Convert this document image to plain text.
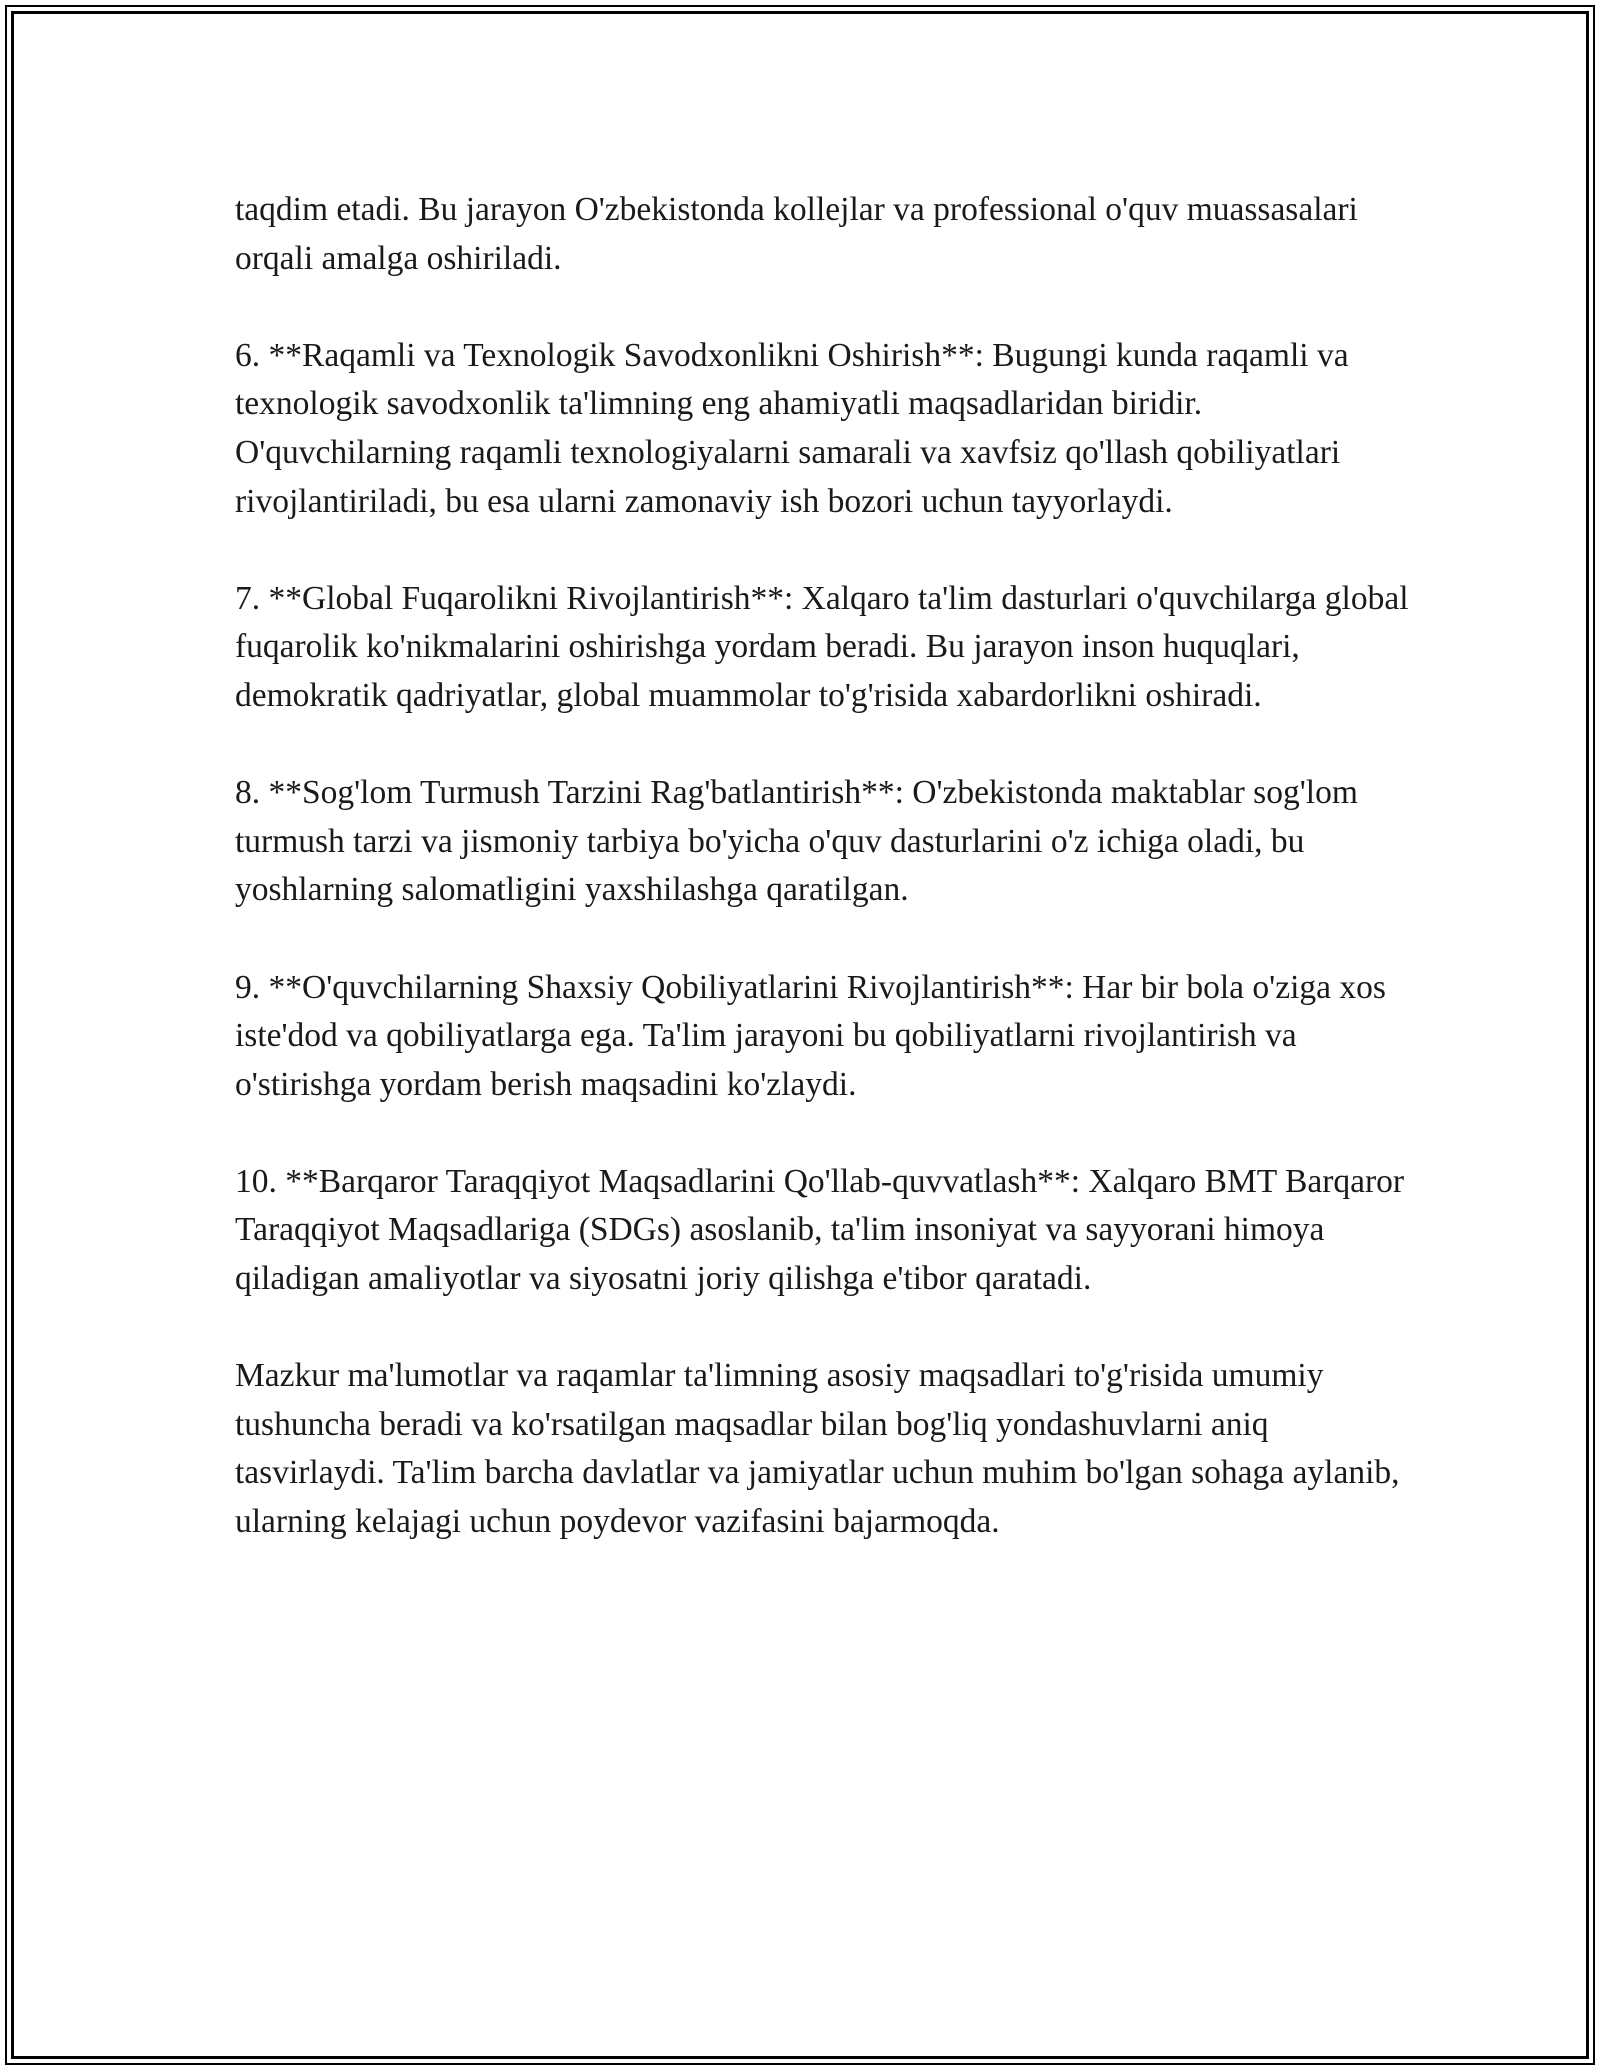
taqdim etadi. Bu jarayon O'zbekistonda kollejlar va professional o'quv muassasalari orqali amalga oshiriladi.

6. **Raqamli va Texnologik Savodxonlikni Oshirish**: Bugungi kunda raqamli va texnologik savodxonlik ta'limning eng ahamiyatli maqsadlaridan biridir. O'quvchilarning raqamli texnologiyalarni samarali va xavfsiz qo'llash qobiliyatlari rivojlantiriladi, bu esa ularni zamonaviy ish bozori uchun tayyorlaydi.

7. **Global Fuqarolikni Rivojlantirish**: Xalqaro ta'lim dasturlari o'quvchilarga global fuqarolik ko'nikmalarini oshirishga yordam beradi. Bu jarayon inson huquqlari, demokratik qadriyatlar, global muammolar to'g'risida xabardorlikni oshiradi.

8. **Sog'lom Turmush Tarzini Rag'batlantirish**: O'zbekistonda maktablar sog'lom turmush tarzi va jismoniy tarbiya bo'yicha o'quv dasturlarini o'z ichiga oladi, bu yoshlarning salomatligini yaxshilashga qaratilgan.

9. **O'quvchilarning Shaxsiy Qobiliyatlarini Rivojlantirish**: Har bir bola o'ziga xos iste'dod va qobiliyatlarga ega. Ta'lim jarayoni bu qobiliyatlarni rivojlantirish va o'stirishga yordam berish maqsadini ko'zlaydi.

10. **Barqaror Taraqqiyot Maqsadlarini Qo'llab-quvvatlash**: Xalqaro BMT Barqaror Taraqqiyot Maqsadlariga (SDGs) asoslanib, ta'lim insoniyat va sayyorani himoya qiladigan amaliyotlar va siyosatni joriy qilishga e'tibor qaratadi.

Mazkur ma'lumotlar va raqamlar ta'limning asosiy maqsadlari to'g'risida umumiy tushuncha beradi va ko'rsatilgan maqsadlar bilan bog'liq yondashuvlarni aniq tasvirlaydi. Ta'lim barcha davlatlar va jamiyatlar uchun muhim bo'lgan sohaga aylanib, ularning kelajagi uchun poydevor vazifasini bajarmoqda.
